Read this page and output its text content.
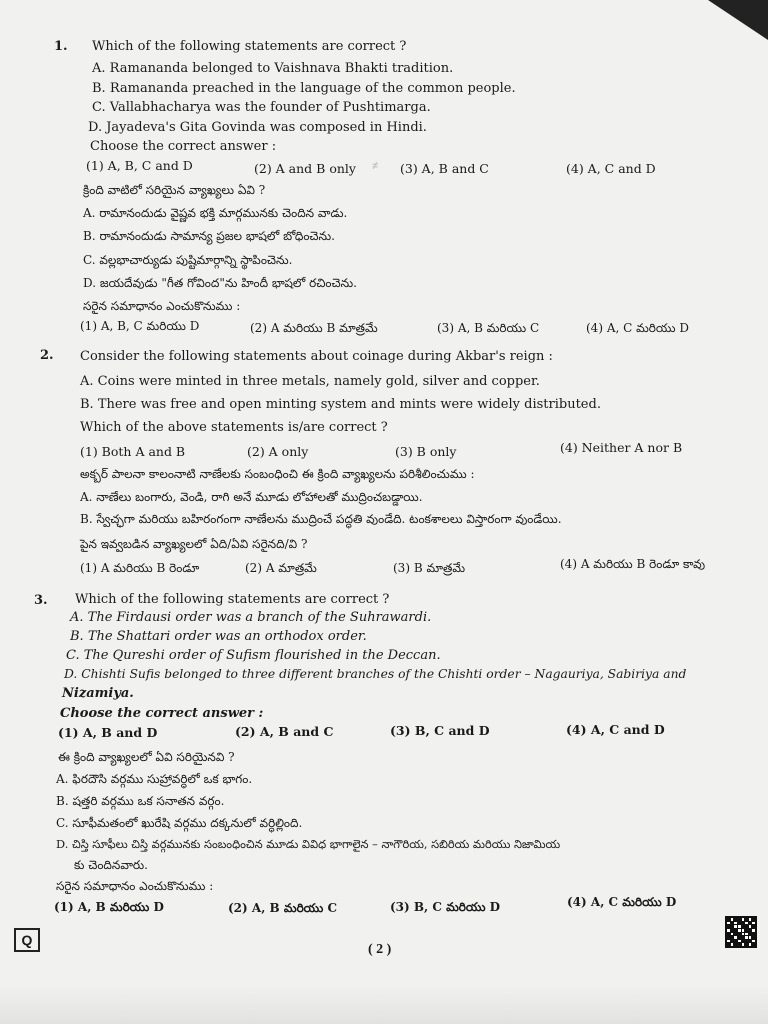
1. Which of the following statements are correct ?
A. Ramananda belonged to Vaishnava Bhakti tradition.
B. Ramananda preached in the language of the common people.
C. Vallabhacharya was the founder of Pushtimarga.
D. Jayadeva's Gita Govinda was composed in Hindi.
Choose the correct answer :
(1) A, B, C and D	(2) A and B only	(3) A, B and C	(4) A, C and D
క్రింది వాటిలో సరియైన వ్యాఖ్యలు ఏవి ?
A. రామానందుడు వైష్ణవ భక్తి మార్గమునకు చెందిన వాడు.
B. రామానందుడు సామాన్య ప్రజల భాషలో బోధించెను.
C. వల్లభాచార్యుడు పుష్టిమార్గాన్ని స్థాపించెను.
D. జయదేవుడు "గీత గోవింద"ను హిందీ భాషలో రచించెను.
సరైన సమాధానం ఎంచుకొనుము :
(1) A, B, C మరియు D	(2) A మరియు B మాత్రమే	(3) A, B మరియు C	(4) A, C మరియు D
2. Consider the following statements about coinage during Akbar's reign :
A. Coins were minted in three metals, namely gold, silver and copper.
B. There was free and open minting system and mints were widely distributed.
Which of the above statements is/are correct ?
(1) Both A and B	(2) A only	(3) B only	(4) Neither A nor B
అక్బర్ పాలనా కాలంనాటి నాణేలకు సంబంధించి ఈ క్రింది వ్యాఖ్యలను పరిశీలించుము :
A. నాణేలు బంగారు, వెండి, రాగి అనే మూడు లోహాలతో ముద్రించబడ్డాయి.
B. స్వేచ్ఛగా మరియు బహిరంగంగా నాణేలను ముద్రించే పద్ధతి వుండేది. టంకశాలలు విస్తారంగా వుండేయి.
పైన ఇవ్వబడిన వ్యాఖ్యలలో ఏది/ఏవి సరైనది/వి ?
(1) A మరియు B రెండూ	(2) A మాత్రమే	(3) B మాత్రమే	(4) A మరియు B రెండూ కావు
3. Which of the following statements are correct ?
A. The Firdausi order was a branch of the Suhrawardi.
B. The Shattari order was an orthodox order.
C. The Qureshi order of Sufism flourished in the Deccan.
D. Chishti Sufis belonged to three different branches of the Chishti order – Nagauriya, Sabiriya and
Nizamiya.
Choose the correct answer :
(1) A, B and D	(2) A, B and C	(3) B, C and D	(4) A, C and D
ఈ క్రింది వ్యాఖ్యలలో ఏవి సరియైనవి ?
A. ఫిరదౌసి వర్గము సుహ్రావర్ధిలో ఒక భాగం.
B. షత్తరి వర్గము ఒక సనాతన వర్గం.
C. సూఫీమతంలో ఖురేషి వర్గము దక్కనులో వర్ధిల్లింది.
D. చిస్తి సూఫీలు చిస్తి వర్గమునకు సంబంధించిన మూడు వివిధ భాగాలైన – నాగౌరియ, సబిరియ మరియు నిజామియ
కు చెందినవారు.
సరైన సమాధానం ఎంచుకొనుము :
(1) A, B మరియు D	(2) A, B మరియు C	(3) B, C మరియు D	(4) A, C మరియు D
≠
Q
( 2 )
